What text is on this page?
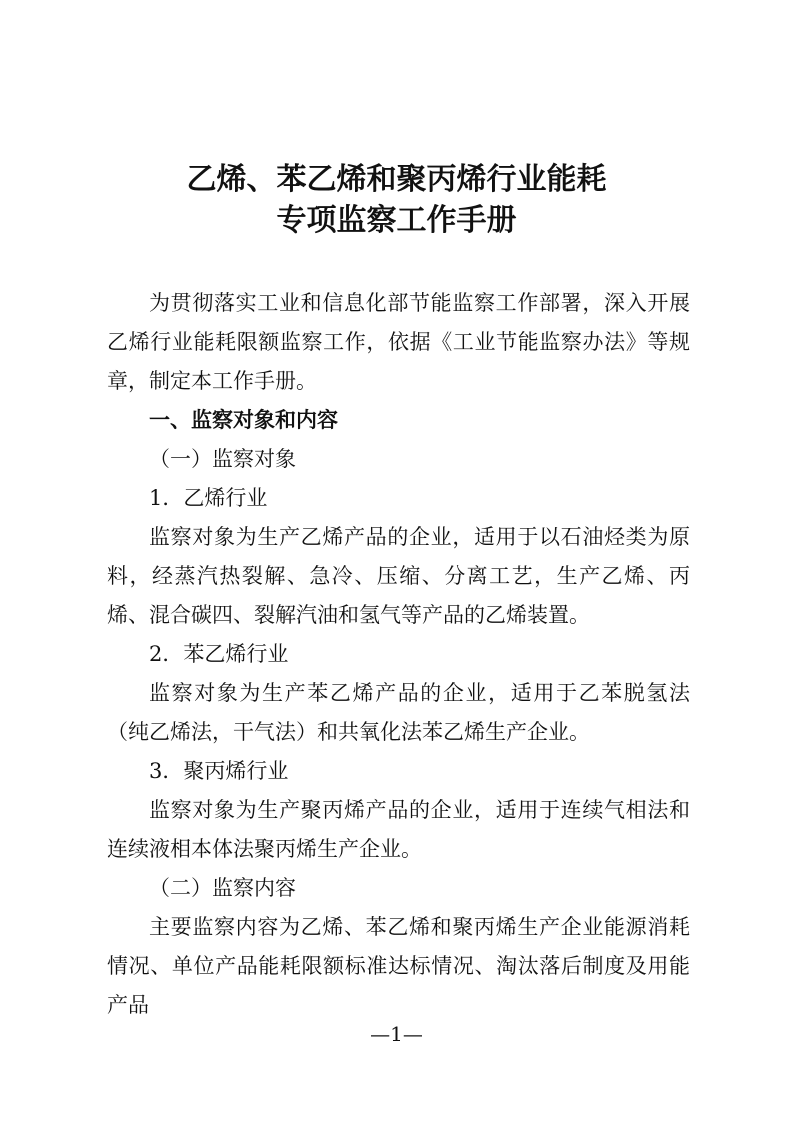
乙烯、苯乙烯和聚丙烯行业能耗
专项监察工作手册

为贯彻落实工业和信息化部节能监察工作部署，深入开展乙烯行业能耗限额监察工作，依据《工业节能监察办法》等规章，制定本工作手册。

一、监察对象和内容

（一）监察对象

1．乙烯行业

监察对象为生产乙烯产品的企业，适用于以石油烃类为原料，经蒸汽热裂解、急冷、压缩、分离工艺，生产乙烯、丙烯、混合碳四、裂解汽油和氢气等产品的乙烯装置。

2．苯乙烯行业

监察对象为生产苯乙烯产品的企业，适用于乙苯脱氢法（纯乙烯法，干气法）和共氧化法苯乙烯生产企业。

3．聚丙烯行业

监察对象为生产聚丙烯产品的企业，适用于连续气相法和连续液相本体法聚丙烯生产企业。

（二）监察内容

主要监察内容为乙烯、苯乙烯和聚丙烯生产企业能源消耗情况、单位产品能耗限额标准达标情况、淘汰落后制度及用能产品

—1—
